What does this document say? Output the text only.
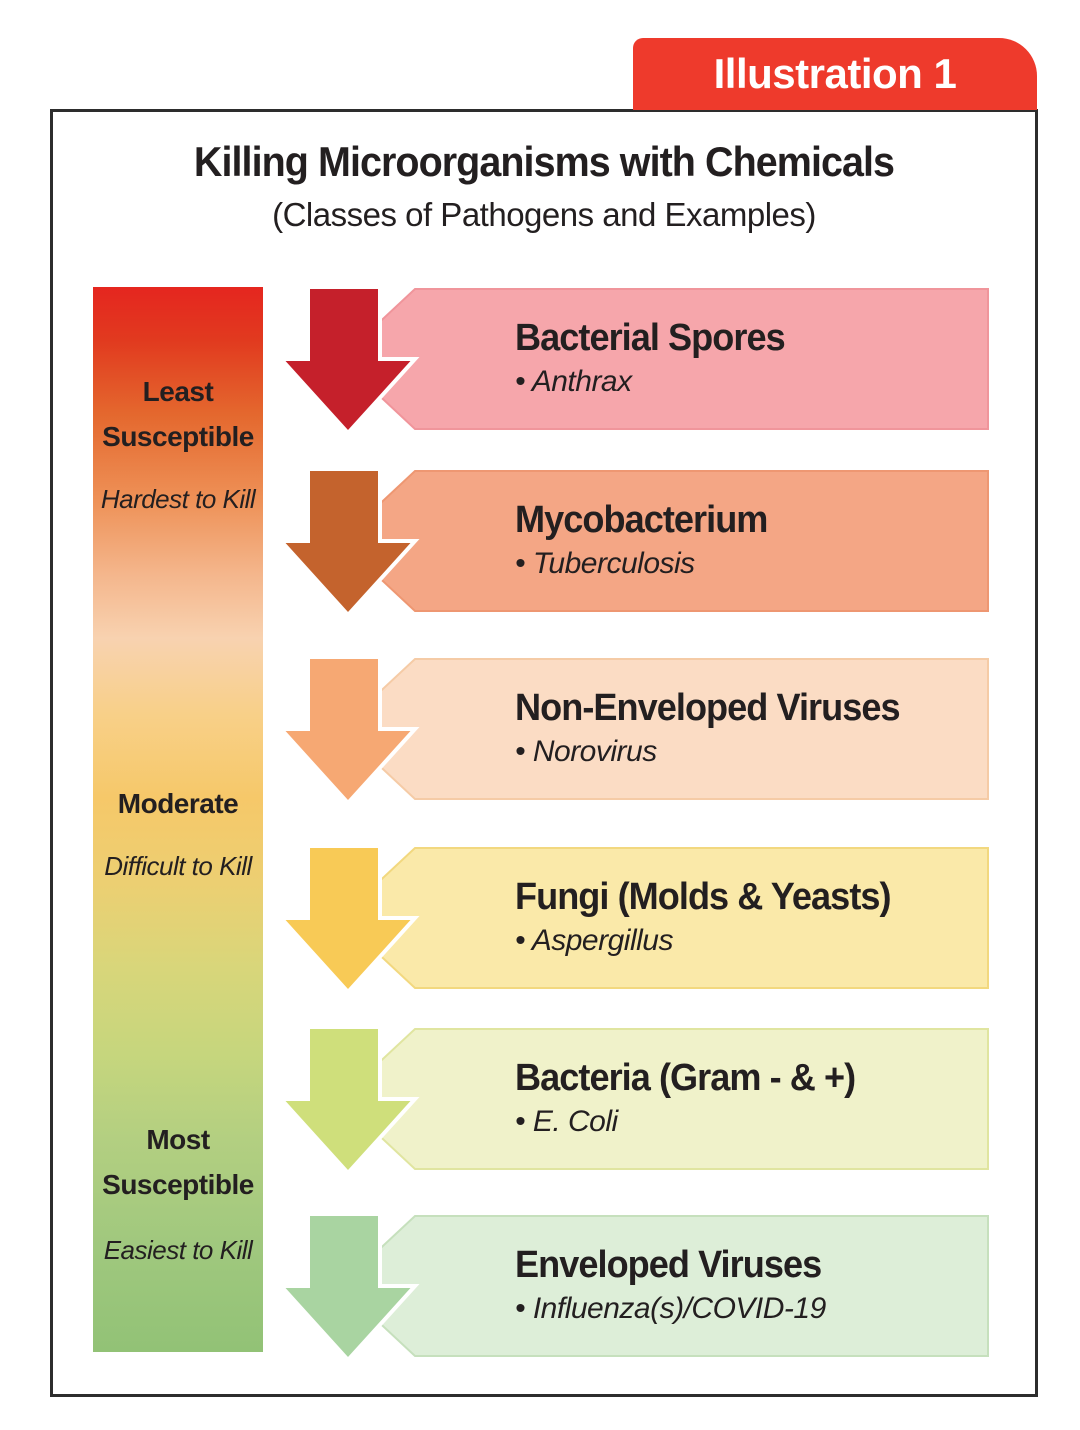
Illustration 1
Killing Microorganisms with Chemicals
(Classes of Pathogens and Examples)
Least
Susceptible
Hardest to Kill
Moderate
Difficult to Kill
Most
Susceptible
Easiest to Kill
Bacterial Spores
• Anthrax
Mycobacterium
• Tuberculosis
Non-Enveloped Viruses
• Norovirus
Fungi (Molds & Yeasts)
• Aspergillus
Bacteria (Gram - & +)
• E. Coli
Enveloped Viruses
• Influenza(s)/COVID-19
